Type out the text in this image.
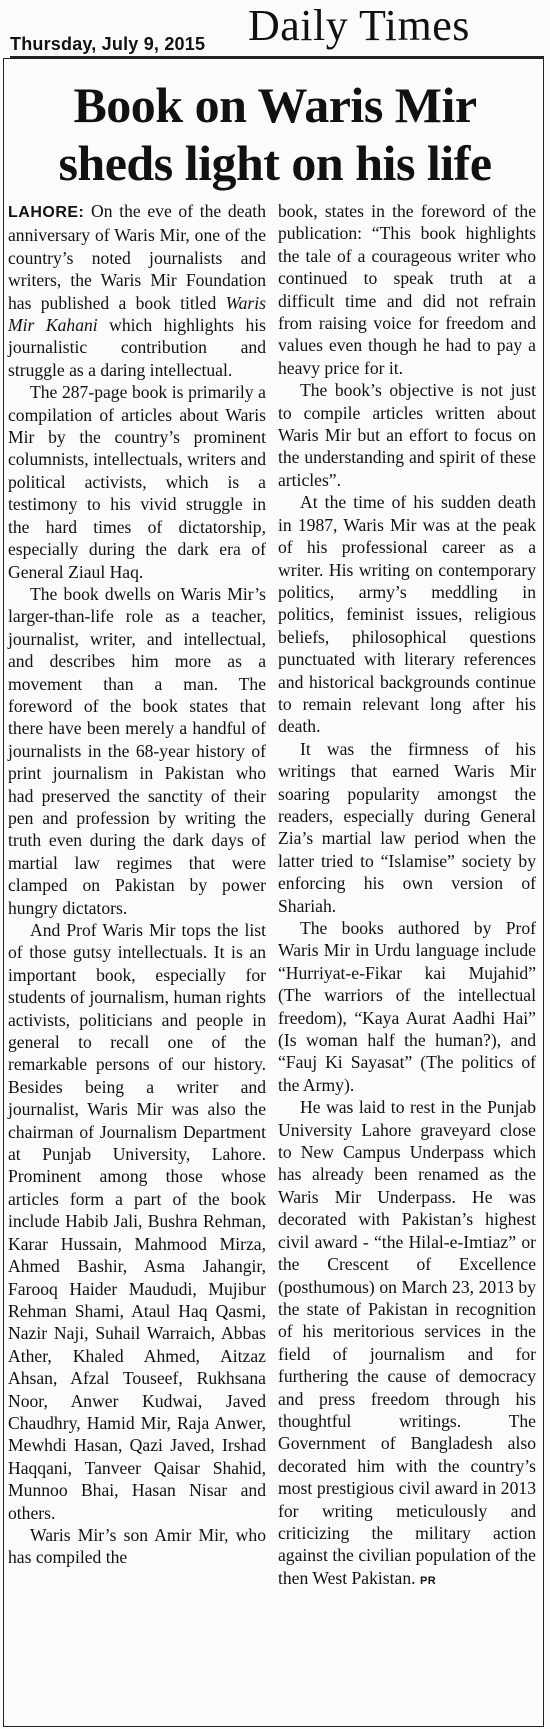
Thursday, July 9, 2015 Daily Times
Book on Waris Mir
sheds light on his life

LAHORE: On the eve of the death anniversary of Waris Mir, one of the country’s noted journalists and writers, the Waris Mir Foundation has published a book titled Waris Mir Kahani which highlights his journalistic contribution and struggle as a daring intellectual.

The 287-page book is primarily a compilation of articles about Waris Mir by the country’s prominent columnists, intellectuals, writers and political activists, which is a testimony to his vivid struggle in the hard times of dictatorship, especially during the dark era of General Ziaul Haq.

The book dwells on Waris Mir’s larger-than-life role as a teacher, journalist, writer, and intellectual, and describes him more as a movement than a man. The foreword of the book states that there have been merely a handful of journalists in the 68-year history of print journalism in Pakistan who had preserved the sanctity of their pen and profession by writing the truth even during the dark days of martial law regimes that were clamped on Pakistan by power hungry dictators.

And Prof Waris Mir tops the list of those gutsy intellectuals. It is an important book, especially for students of journalism, human rights activists, politicians and people in general to recall one of the remarkable persons of our history. Besides being a writer and journalist, Waris Mir was also the chairman of Journalism Department at Punjab University, Lahore. Prominent among those whose articles form a part of the book include Habib Jali, Bushra Rehman, Karar Hussain, Mahmood Mirza, Ahmed Bashir, Asma Jahangir, Farooq Haider Maududi, Mujibur Rehman Shami, Ataul Haq Qasmi, Nazir Naji, Suhail Warraich, Abbas Ather, Khaled Ahmed, Aitzaz Ahsan, Afzal Touseef, Rukhsana Noor, Anwer Kudwai, Javed Chaudhry, Hamid Mir, Raja Anwer, Mewhdi Hasan, Qazi Javed, Irshad Haqqani, Tanveer Qaisar Shahid, Munnoo Bhai, Hasan Nisar and others.

Waris Mir’s son Amir Mir, who has compiled the

book, states in the foreword of the publication: “This book highlights the tale of a courageous writer who continued to speak truth at a difficult time and did not refrain from raising voice for freedom and values even though he had to pay a heavy price for it.

The book’s objective is not just to compile articles written about Waris Mir but an effort to focus on the understanding and spirit of these articles”.

At the time of his sudden death in 1987, Waris Mir was at the peak of his professional career as a writer. His writing on contemporary politics, army’s meddling in politics, feminist issues, religious beliefs, philosophical questions punctuated with literary references and historical backgrounds continue to remain relevant long after his death.

It was the firmness of his writings that earned Waris Mir soaring popularity amongst the readers, especially during General Zia’s martial law period when the latter tried to “Islamise” society by enforcing his own version of Shariah.

The books authored by Prof Waris Mir in Urdu language include “Hurriyat-e-Fikar kai Mujahid” (The warriors of the intellectual freedom), “Kaya Aurat Aadhi Hai” (Is woman half the human?), and “Fauj Ki Sayasat” (The politics of the Army).

He was laid to rest in the Punjab University Lahore graveyard close to New Campus Underpass which has already been renamed as the Waris Mir Underpass. He was decorated with Pakistan’s highest civil award - “the Hilal-e-Imtiaz” or the Crescent of Excellence (posthumous) on March 23, 2013 by the state of Pakistan in recognition of his meritorious services in the field of journalism and for furthering the cause of democracy and press freedom through his thoughtful writings. The Government of Bangladesh also decorated him with the country’s most prestigious civil award in 2013 for writing meticulously and criticizing the military action against the civilian population of the then West Pakistan. PR
